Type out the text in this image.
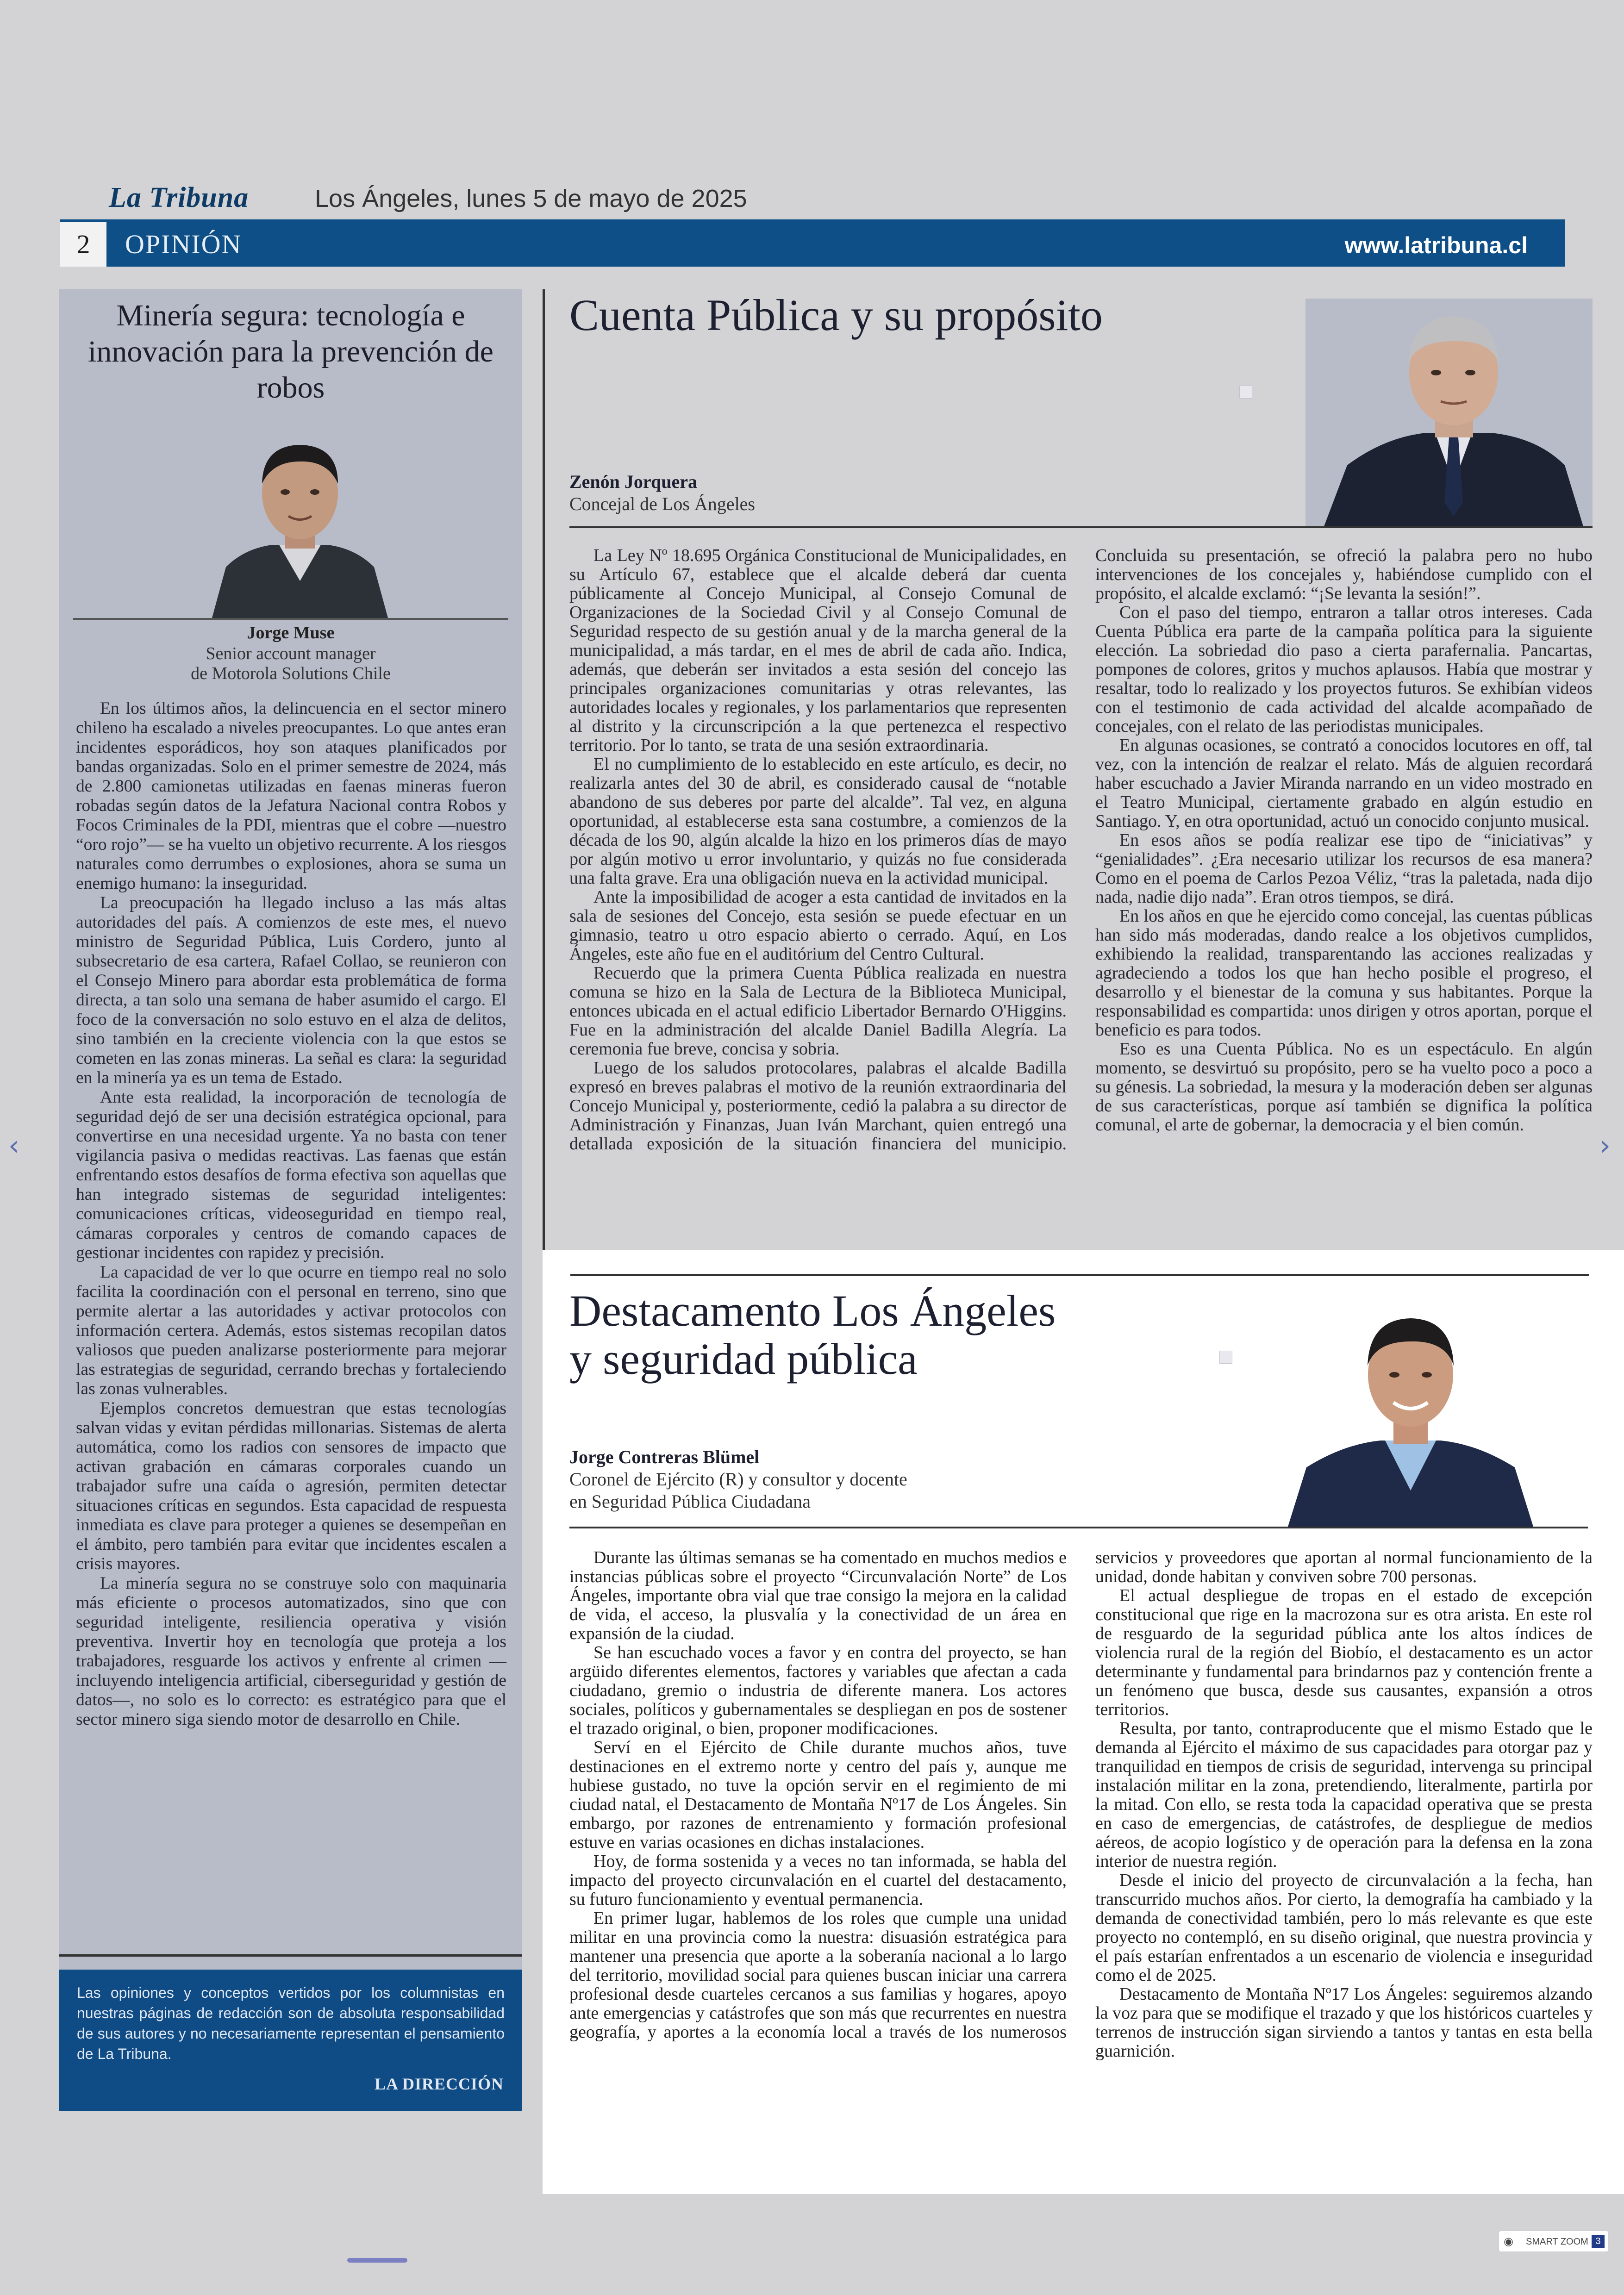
La Tribuna	Los Ángeles, lunes 5 de mayo de 2025
2	OPINIÓN	www.latribuna.cl
Minería segura: tecnología e innovación para la prevención de robos
Jorge Muse
Senior account manager
de Motorola Solutions Chile

En los últimos años, la delincuencia en el sector minero chileno ha escalado a niveles preocupantes. Lo que antes eran incidentes esporádicos, hoy son ataques planificados por bandas organizadas. Solo en el primer semestre de 2024, más de 2.800 camionetas utilizadas en faenas mineras fueron robadas según datos de la Jefatura Nacional contra Robos y Focos Criminales de la PDI, mientras que el cobre —nuestro “oro rojo”— se ha vuelto un objetivo recurrente. A los riesgos naturales como derrumbes o explosiones, ahora se suma un enemigo humano: la inseguridad.

La preocupación ha llegado incluso a las más altas autoridades del país. A comienzos de este mes, el nuevo ministro de Seguridad Pública, Luis Cordero, junto al subsecretario de esa cartera, Rafael Collao, se reunieron con el Consejo Minero para abordar esta problemática de forma directa, a tan solo una semana de haber asumido el cargo. El foco de la conversación no solo estuvo en el alza de delitos, sino también en la creciente violencia con la que estos se cometen en las zonas mineras. La señal es clara: la seguridad en la minería ya es un tema de Estado.

Ante esta realidad, la incorporación de tecnología de seguridad dejó de ser una decisión estratégica opcional, para convertirse en una necesidad urgente. Ya no basta con tener vigilancia pasiva o medidas reactivas. Las faenas que están enfrentando estos desafíos de forma efectiva son aquellas que han integrado sistemas de seguridad inteligentes: comunicaciones críticas, videoseguridad en tiempo real, cámaras corporales y centros de comando capaces de gestionar incidentes con rapidez y precisión.

La capacidad de ver lo que ocurre en tiempo real no solo facilita la coordinación con el personal en terreno, sino que permite alertar a las autoridades y activar protocolos con información certera. Además, estos sistemas recopilan datos valiosos que pueden analizarse posteriormente para mejorar las estrategias de seguridad, cerrando brechas y fortaleciendo las zonas vulnerables.

Ejemplos concretos demuestran que estas tecnologías salvan vidas y evitan pérdidas millonarias. Sistemas de alerta automática, como los radios con sensores de impacto que activan grabación en cámaras corporales cuando un trabajador sufre una caída o agresión, permiten detectar situaciones críticas en segundos. Esta capacidad de respuesta inmediata es clave para proteger a quienes se desempeñan en el ámbito, pero también para evitar que incidentes escalen a crisis mayores.

La minería segura no se construye solo con maquinaria más eficiente o procesos automatizados, sino que con seguridad inteligente, resiliencia operativa y visión preventiva. Invertir hoy en tecnología que proteja a los trabajadores, resguarde los activos y enfrente al crimen —incluyendo inteligencia artificial, ciberseguridad y gestión de datos—, no solo es lo correcto: es estratégico para que el sector minero siga siendo motor de desarrollo en Chile.

Las opiniones y conceptos vertidos por los columnistas en nuestras páginas de redacción son de absoluta responsabilidad de sus autores y no necesariamente representan el pensamiento de La Tribuna.
LA DIRECCIÓN
Cuenta Pública y su propósito
Zenón Jorquera
Concejal de Los Ángeles

La Ley Nº 18.695 Orgánica Constitucional de Municipalidades, en su Artículo 67, establece que el alcalde deberá dar cuenta públicamente al Concejo Municipal, al Consejo Comunal de Organizaciones de la Sociedad Civil y al Consejo Comunal de Seguridad respecto de su gestión anual y de la marcha general de la municipalidad, a más tardar, en el mes de abril de cada año. Indica, además, que deberán ser invitados a esta sesión del concejo las principales organizaciones comunitarias y otras relevantes, las autoridades locales y regionales, y los parlamentarios que representen al distrito y la circunscripción a la que pertenezca el respectivo territorio. Por lo tanto, se trata de una sesión extraordinaria.

El no cumplimiento de lo establecido en este artículo, es decir, no realizarla antes del 30 de abril, es considerado causal de “notable abandono de sus deberes por parte del alcalde”. Tal vez, en alguna oportunidad, al establecerse esta sana costumbre, a comienzos de la década de los 90, algún alcalde la hizo en los primeros días de mayo por algún motivo u error involuntario, y quizás no fue considerada una falta grave. Era una obligación nueva en la actividad municipal.

Ante la imposibilidad de acoger a esta cantidad de invitados en la sala de sesiones del Concejo, esta sesión se puede efectuar en un gimnasio, teatro u otro espacio abierto o cerrado. Aquí, en Los Ángeles, este año fue en el auditórium del Centro Cultural.

Recuerdo que la primera Cuenta Pública realizada en nuestra comuna se hizo en la Sala de Lectura de la Biblioteca Municipal, entonces ubicada en el actual edificio Libertador Bernardo O'Higgins. Fue en la administración del alcalde Daniel Badilla Alegría. La ceremonia fue breve, concisa y sobria.

Luego de los saludos protocolares, palabras el alcalde Badilla expresó en breves palabras el motivo de la reunión extraordinaria del Concejo Municipal y, posteriormente, cedió la palabra a su director de Administración y Finanzas, Juan Iván Marchant, quien entregó una detallada exposición de la situación financiera del municipio. Concluida su presentación, se ofreció la palabra pero no hubo intervenciones de los concejales y, habiéndose cumplido con el propósito, el alcalde exclamó: “¡Se levanta la sesión!”.

Con el paso del tiempo, entraron a tallar otros intereses. Cada Cuenta Pública era parte de la campaña política para la siguiente elección. La sobriedad dio paso a cierta parafernalia. Pancartas, pompones de colores, gritos y muchos aplausos. Había que mostrar y resaltar, todo lo realizado y los proyectos futuros. Se exhibían videos con el testimonio de cada actividad del alcalde acompañado de concejales, con el relato de las periodistas municipales.

En algunas ocasiones, se contrató a conocidos locutores en off, tal vez, con la intención de realzar el relato. Más de alguien recordará haber escuchado a Javier Miranda narrando en un video mostrado en el Teatro Municipal, ciertamente grabado en algún estudio en Santiago. Y, en otra oportunidad, actuó un conocido conjunto musical.

En esos años se podía realizar ese tipo de “iniciativas” y “genialidades”. ¿Era necesario utilizar los recursos de esa manera? Como en el poema de Carlos Pezoa Véliz, “tras la paletada, nada dijo nada, nadie dijo nada”. Eran otros tiempos, se dirá.

En los años en que he ejercido como concejal, las cuentas públicas han sido más moderadas, dando realce a los objetivos cumplidos, exhibiendo la realidad, transparentando las acciones realizadas y agradeciendo a todos los que han hecho posible el progreso, el desarrollo y el bienestar de la comuna y sus habitantes. Porque la responsabilidad es compartida: unos dirigen y otros aportan, porque el beneficio es para todos.

Eso es una Cuenta Pública. No es un espectáculo. En algún momento, se desvirtuó su propósito, pero se ha vuelto poco a poco a su génesis. La sobriedad, la mesura y la moderación deben ser algunas de sus características, porque así también se dignifica la política comunal, el arte de gobernar, la democracia y el bien común.

Destacamento Los Ángeles
y seguridad pública
Jorge Contreras Blümel
Coronel de Ejército (R) y consultor y docente
en Seguridad Pública Ciudadana

Durante las últimas semanas se ha comentado en muchos medios e instancias públicas sobre el proyecto “Circunvalación Norte” de Los Ángeles, importante obra vial que trae consigo la mejora en la calidad de vida, el acceso, la plusvalía y la conectividad de un área en expansión de la ciudad.

Se han escuchado voces a favor y en contra del proyecto, se han argüido diferentes elementos, factores y variables que afectan a cada ciudadano, gremio o industria de diferente manera. Los actores sociales, políticos y gubernamentales se despliegan en pos de sostener el trazado original, o bien, proponer modificaciones.

Serví en el Ejército de Chile durante muchos años, tuve destinaciones en el extremo norte y centro del país y, aunque me hubiese gustado, no tuve la opción servir en el regimiento de mi ciudad natal, el Destacamento de Montaña Nº17 de Los Ángeles. Sin embargo, por razones de entrenamiento y formación profesional estuve en varias ocasiones en dichas instalaciones.

Hoy, de forma sostenida y a veces no tan informada, se habla del impacto del proyecto circunvalación en el cuartel del destacamento, su futuro funcionamiento y eventual permanencia.

En primer lugar, hablemos de los roles que cumple una unidad militar en una provincia como la nuestra: disuasión estratégica para mantener una presencia que aporte a la soberanía nacional a lo largo del territorio, movilidad social para quienes buscan iniciar una carrera profesional desde cuarteles cercanos a sus familias y hogares, apoyo ante emergencias y catástrofes que son más que recurrentes en nuestra geografía, y aportes a la economía local a través de los numerosos servicios y proveedores que aportan al normal funcionamiento de la unidad, donde habitan y conviven sobre 700 personas.

El actual despliegue de tropas en el estado de excepción constitucional que rige en la macrozona sur es otra arista. En este rol de resguardo de la seguridad pública ante los altos índices de violencia rural de la región del Biobío, el destacamento es un actor determinante y fundamental para brindarnos paz y contención frente a un fenómeno que busca, desde sus causantes, expansión a otros territorios.

Resulta, por tanto, contraproducente que el mismo Estado que le demanda al Ejército el máximo de sus capacidades para otorgar paz y tranquilidad en tiempos de crisis de seguridad, intervenga su principal instalación militar en la zona, pretendiendo, literalmente, partirla por la mitad. Con ello, se resta toda la capacidad operativa que se presta en caso de emergencias, de catástrofes, de despliegue de medios aéreos, de acopio logístico y de operación para la defensa en la zona interior de nuestra región.

Desde el inicio del proyecto de circunvalación a la fecha, han transcurrido muchos años. Por cierto, la demografía ha cambiado y la demanda de conectividad también, pero lo más relevante es que este proyecto no contempló, en su diseño original, que nuestra provincia y el país estarían enfrentados a un escenario de violencia e inseguridad como el de 2025.

Destacamento de Montaña Nº17 Los Ángeles: seguiremos alzando la voz para que se modifique el trazado y que los históricos cuarteles y terrenos de instrucción sigan sirviendo a tantos y tantas en esta bella guarnición.

‹	›
◉ SMART ZOOM 3
